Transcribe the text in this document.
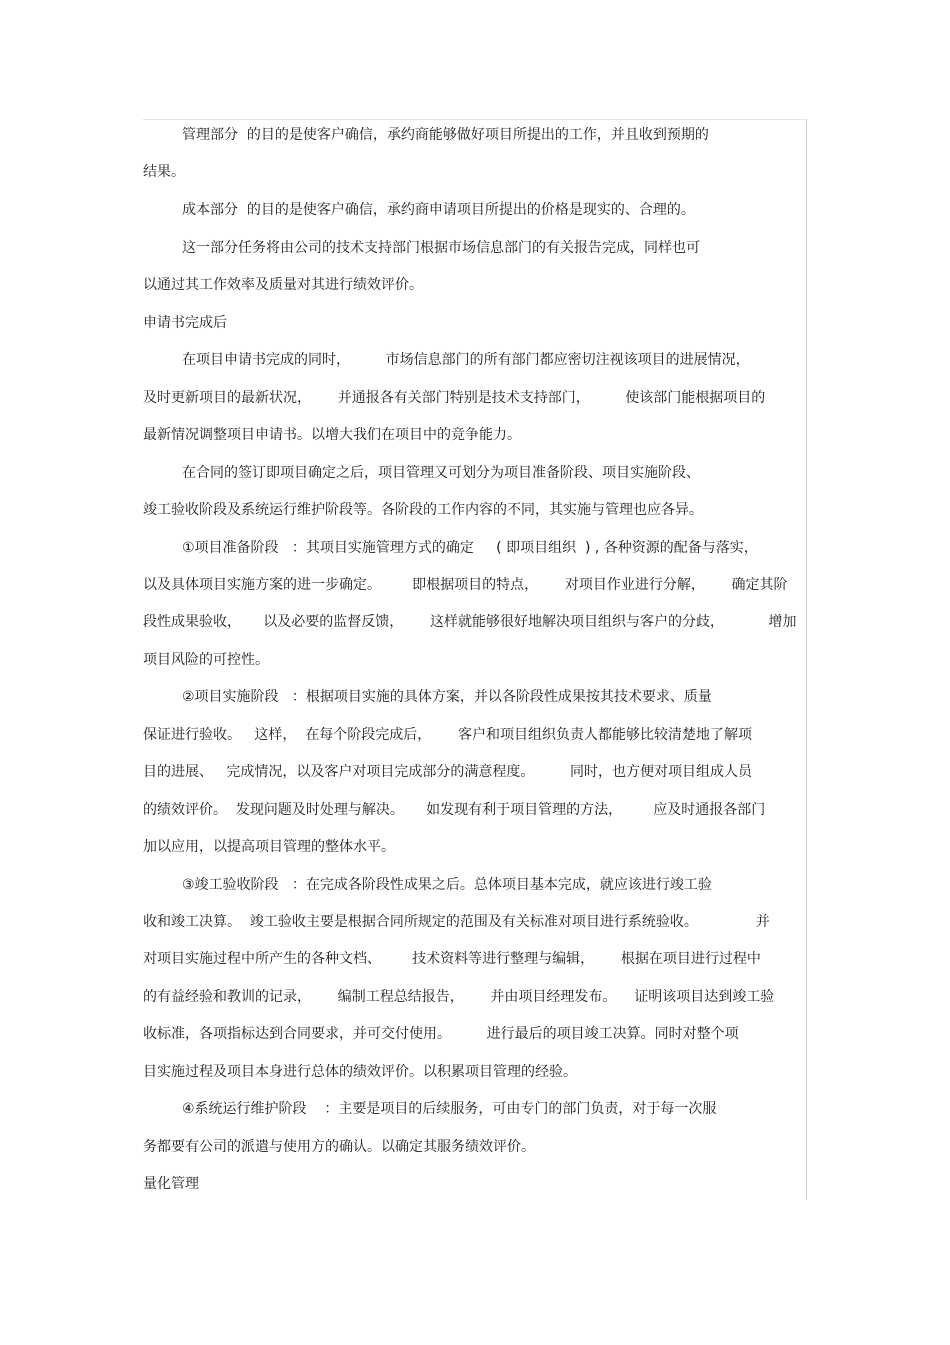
管理部分  的目的是使客户确信，承约商能够做好项目所提出的工作，并且收到预期的
结果。
成本部分  的目的是使客户确信，承约商申请项目所提出的价格是现实的、合理的。
这一部分任务将由公司的技术支持部门根据市场信息部门的有关报告完成，同样也可
以通过其工作效率及质量对其进行绩效评价。
申请书完成后
在项目申请书完成的同时，        市场信息部门的所有部门都应密切注视该项目的进展情况，
及时更新项目的最新状况，      并通报各有关部门特别是技术支持部门，        使该部门能根据项目的
最新情况调整项目申请书。以增大我们在项目中的竞争能力。
在合同的签订即项目确定之后，项目管理又可划分为项目准备阶段、项目实施阶段、
竣工验收阶段及系统运行维护阶段等。各阶段的工作内容的不同，其实施与管理也应各异。
①项目准备阶段   ：其项目实施管理方式的确定     ( 即项目组织  ) , 各种资源的配备与落实，
以及具体项目实施方案的进一步确定。       即根据项目的特点，      对项目作业进行分解，      确定其阶
段性成果验收，     以及必要的监督反馈，      这样就能够很好地解决项目组织与客户的分歧，          增加
项目风险的可控性。
②项目实施阶段   ：根据项目实施的具体方案，并以各阶段性成果按其技术要求、质量
保证进行验收。   这样，  在每个阶段完成后，      客户和项目组织负责人都能够比较清楚地了解项
目的进展、   完成情况，以及客户对项目完成部分的满意程度。        同时，也方便对项目组成人员
的绩效评价。  发现问题及时处理与解决。     如发现有利于项目管理的方法，       应及时通报各部门
加以应用，以提高项目管理的整体水平。
③竣工验收阶段   ：在完成各阶段性成果之后。总体项目基本完成，就应该进行竣工验
收和竣工决算。  竣工验收主要是根据合同所规定的范围及有关标准对项目进行系统验收。             并
对项目实施过程中所产生的各种文档、       技术资料等进行整理与编辑，      根据在项目进行过程中
的有益经验和教训的记录，      编制工程总结报告，      并由项目经理发布。    证明该项目达到竣工验
收标准，各项指标达到合同要求，并可交付使用。        进行最后的项目竣工决算。同时对整个项
目实施过程及项目本身进行总体的绩效评价。以积累项目管理的经验。
④系统运行维护阶段    ：主要是项目的后续服务，可由专门的部门负责，对于每一次服
务都要有公司的派遣与使用方的确认。以确定其服务绩效评价。
量化管理
